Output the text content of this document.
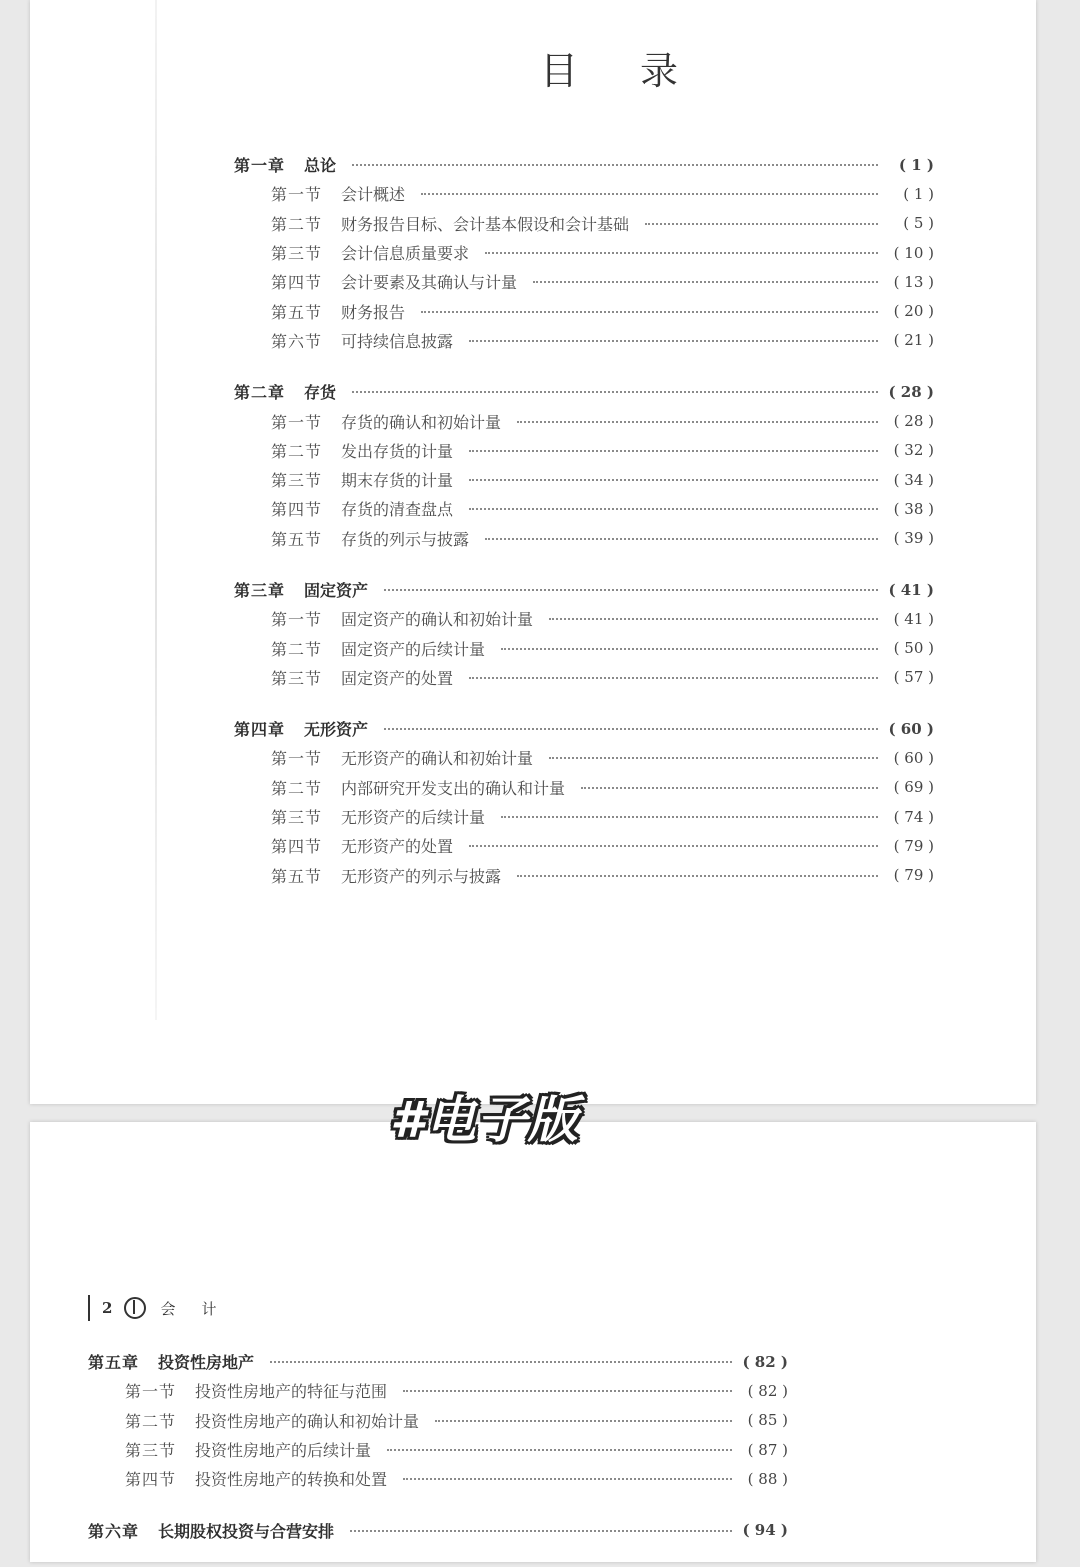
目 录
第一章	总论	( 1 )
第一节	会计概述	( 1 )
第二节	财务报告目标、会计基本假设和会计基础	( 5 )
第三节	会计信息质量要求	( 10 )
第四节	会计要素及其确认与计量	( 13 )
第五节	财务报告	( 20 )
第六节	可持续信息披露	( 21 )
第二章	存货	( 28 )
第一节	存货的确认和初始计量	( 28 )
第二节	发出存货的计量	( 32 )
第三节	期末存货的计量	( 34 )
第四节	存货的清查盘点	( 38 )
第五节	存货的列示与披露	( 39 )
第三章	固定资产	( 41 )
第一节	固定资产的确认和初始计量	( 41 )
第二节	固定资产的后续计量	( 50 )
第三节	固定资产的处置	( 57 )
第四章	无形资产	( 60 )
第一节	无形资产的确认和初始计量	( 60 )
第二节	内部研究开发支出的确认和计量	( 69 )
第三节	无形资产的后续计量	( 74 )
第四节	无形资产的处置	( 79 )
第五节	无形资产的列示与披露	( 79 )
2	会计
第五章	投资性房地产	( 82 )
第一节	投资性房地产的特征与范围	( 82 )
第二节	投资性房地产的确认和初始计量	( 85 )
第三节	投资性房地产的后续计量	( 87 )
第四节	投资性房地产的转换和处置	( 88 )
第六章	长期股权投资与合营安排	( 94 )
#电子版
